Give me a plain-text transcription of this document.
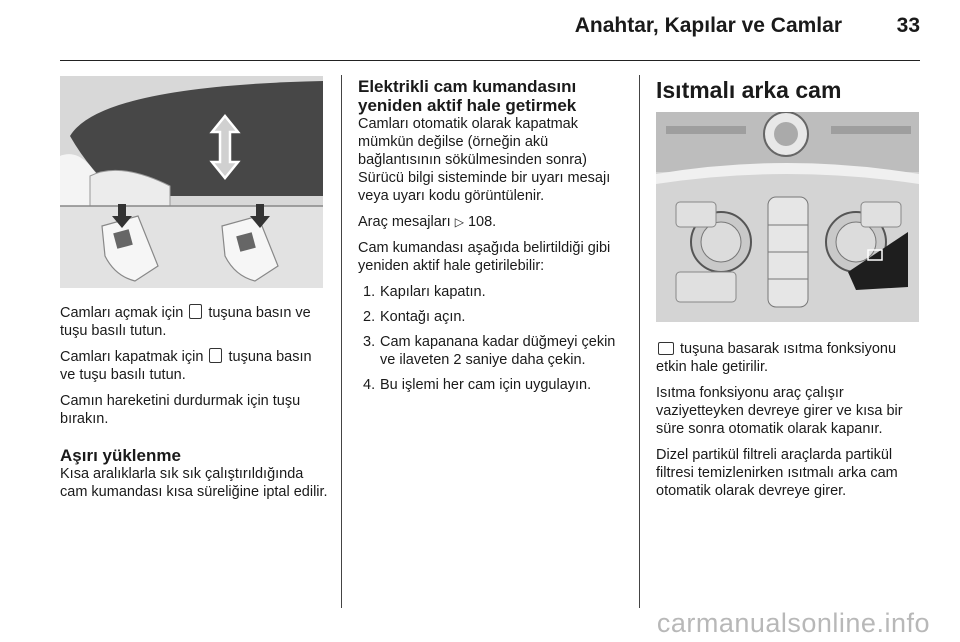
Anahtar, Kapılar ve Camlar	33

Camları açmak için tuşuna basın ve tuşu basılı tutun.

Camları kapatmak için tuşuna basın ve tuşu basılı tutun.

Camın hareketini durdurmak için tuşu bırakın.

Aşırı yüklenme

Kısa aralıklarla sık sık çalıştırıldığında cam kumandası kısa süreliğine iptal edilir.

Elektrikli cam kumandasını yeniden aktif hale getirmek

Camları otomatik olarak kapatmak mümkün değilse (örneğin akü bağlantısının sökülmesinden sonra) Sürücü bilgi sisteminde bir uyarı mesajı veya uyarı kodu görüntülenir.

Araç mesajları ▷ 108.

Cam kumandası aşağıda belirtildiği gibi yeniden aktif hale getirilebilir:

1. Kapıları kapatın.
2. Kontağı açın.
3. Cam kapanana kadar düğmeyi çekin ve ilaveten 2 saniye daha çekin.
4. Bu işlemi her cam için uygulayın.
Isıtmalı arka cam

tuşuna basarak ısıtma fonksiyonu etkin hale getirilir.

Isıtma fonksiyonu araç çalışır vaziyetteyken devreye girer ve kısa bir süre sonra otomatik olarak kapanır.

Dizel partikül filtreli araçlarda partikül filtresi temizlenirken ısıtmalı arka cam otomatik olarak devreye girer.

carmanualsonline.info
